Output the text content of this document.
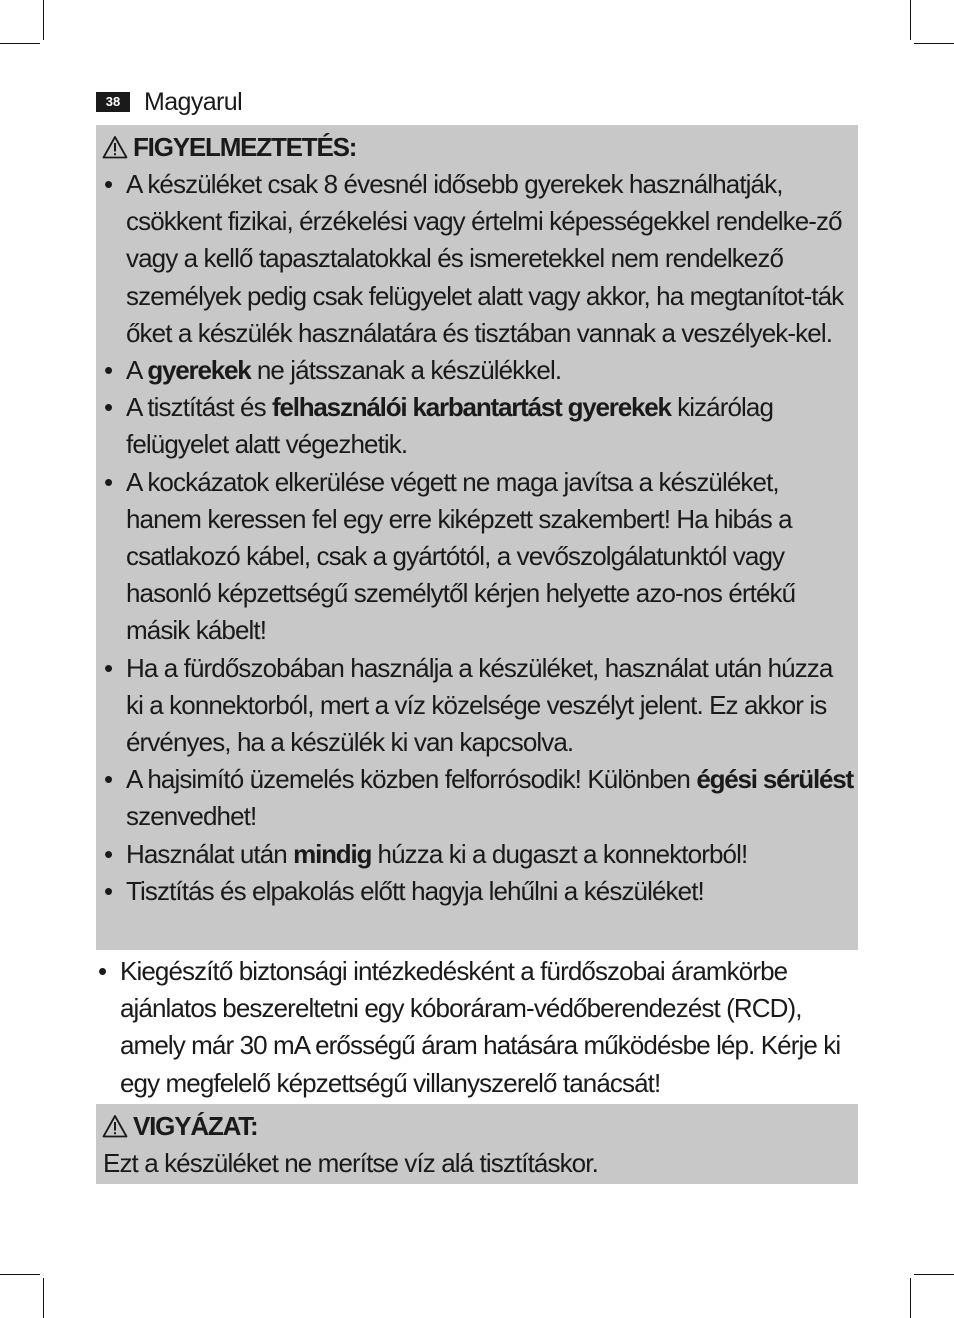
38 Magyarul
FIGYELMEZTETÉS:
• A készüléket csak 8 évesnél idősebb gyerekek használhatják, csökkent fizikai, érzékelési vagy értelmi képességekkel rendelke-ző vagy a kellő tapasztalatokkal és ismeretekkel nem rendelkező személyek pedig csak felügyelet alatt vagy akkor, ha megtanítot-ták őket a készülék használatára és tisztában vannak a veszélyek-kel.
• A gyerekek ne játsszanak a készülékkel.
• A tisztítást és felhasználói karbantartást gyerekek kizárólag felügyelet alatt végezhetik.
• A kockázatok elkerülése végett ne maga javítsa a készüléket, hanem keressen fel egy erre kiképzett szakembert! Ha hibás a csatlakozó kábel, csak a gyártótól, a vevőszolgálatunktól vagy hasonló képzettségű személytől kérjen helyette azo-nos értékű másik kábelt!
• Ha a fürdőszobában használja a készüléket, használat után húzza ki a konnektorból, mert a víz közelsége veszélyt jelent. Ez akkor is érvényes, ha a készülék ki van kapcsolva.
• A hajsimító üzemelés közben felforrósodik! Különben égési sérülést szenvedhet!
• Használat után mindig húzza ki a dugaszt a konnektorból!
• Tisztítás és elpakolás előtt hagyja lehűlni a készüléket!
• Kiegészítő biztonsági intézkedésként a fürdőszobai áramkörbe ajánlatos beszereltetni egy kóboráram-védőberendezést (RCD), amely már 30 mA erősségű áram hatására működésbe lép. Kérje ki egy megfelelő képzettségű villanyszerelő tanácsát!
VIGYÁZAT:
Ezt a készüléket ne merítse víz alá tisztításkor.
